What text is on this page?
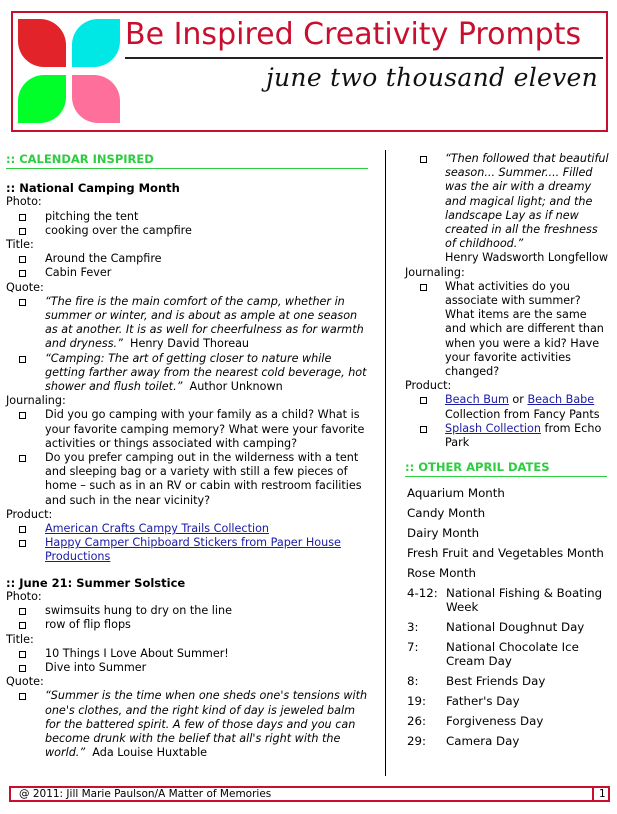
Be Inspired Creativity Prompts
june two thousand eleven
:: CALENDAR INSPIRED
:: National Camping Month
Photo:
pitching the tent
cooking over the campfire
Title:
Around the Campfire
Cabin Fever
Quote:
“The fire is the main comfort of the camp, whether in summer or winter, and is about as ample at one season as at another. It is as well for cheerfulness as for warmth and dryness.” Henry David Thoreau
“Camping: The art of getting closer to nature while getting farther away from the nearest cold beverage, hot shower and flush toilet.” Author Unknown
Journaling:
Did you go camping with your family as a child? What is your favorite camping memory? What were your favorite activities or things associated with camping?
Do you prefer camping out in the wilderness with a tent and sleeping bag or a variety with still a few pieces of home – such as in an RV or cabin with restroom facilities and such in the near vicinity?
Product:
American Crafts Campy Trails Collection
Happy Camper Chipboard Stickers from Paper House Productions
:: June 21: Summer Solstice
Photo:
swimsuits hung to dry on the line
row of flip flops
Title:
10 Things I Love About Summer!
Dive into Summer
Quote:
“Summer is the time when one sheds one's tensions with one's clothes, and the right kind of day is jeweled balm for the battered spirit. A few of those days and you can become drunk with the belief that all's right with the world.” Ada Louise Huxtable
“Then followed that beautiful season... Summer.... Filled was the air with a dreamy and magical light; and the landscape Lay as if new created in all the freshness of childhood.”
Henry Wadsworth Longfellow
Journaling:
What activities do you associate with summer? What items are the same and which are different than when you were a kid? Have your favorite activities changed?
Product:
Beach Bum or Beach Babe Collection from Fancy Pants
Splash Collection from Echo Park
:: OTHER APRIL DATES
Aquarium Month
Candy Month
Dairy Month
Fresh Fruit and Vegetables Month
Rose Month
4-12: National Fishing & Boating Week
3: National Doughnut Day
7: National Chocolate Ice Cream Day
8: Best Friends Day
19: Father's Day
26: Forgiveness Day
29: Camera Day
@ 2011: Jill Marie Paulson/A Matter of Memories	1
